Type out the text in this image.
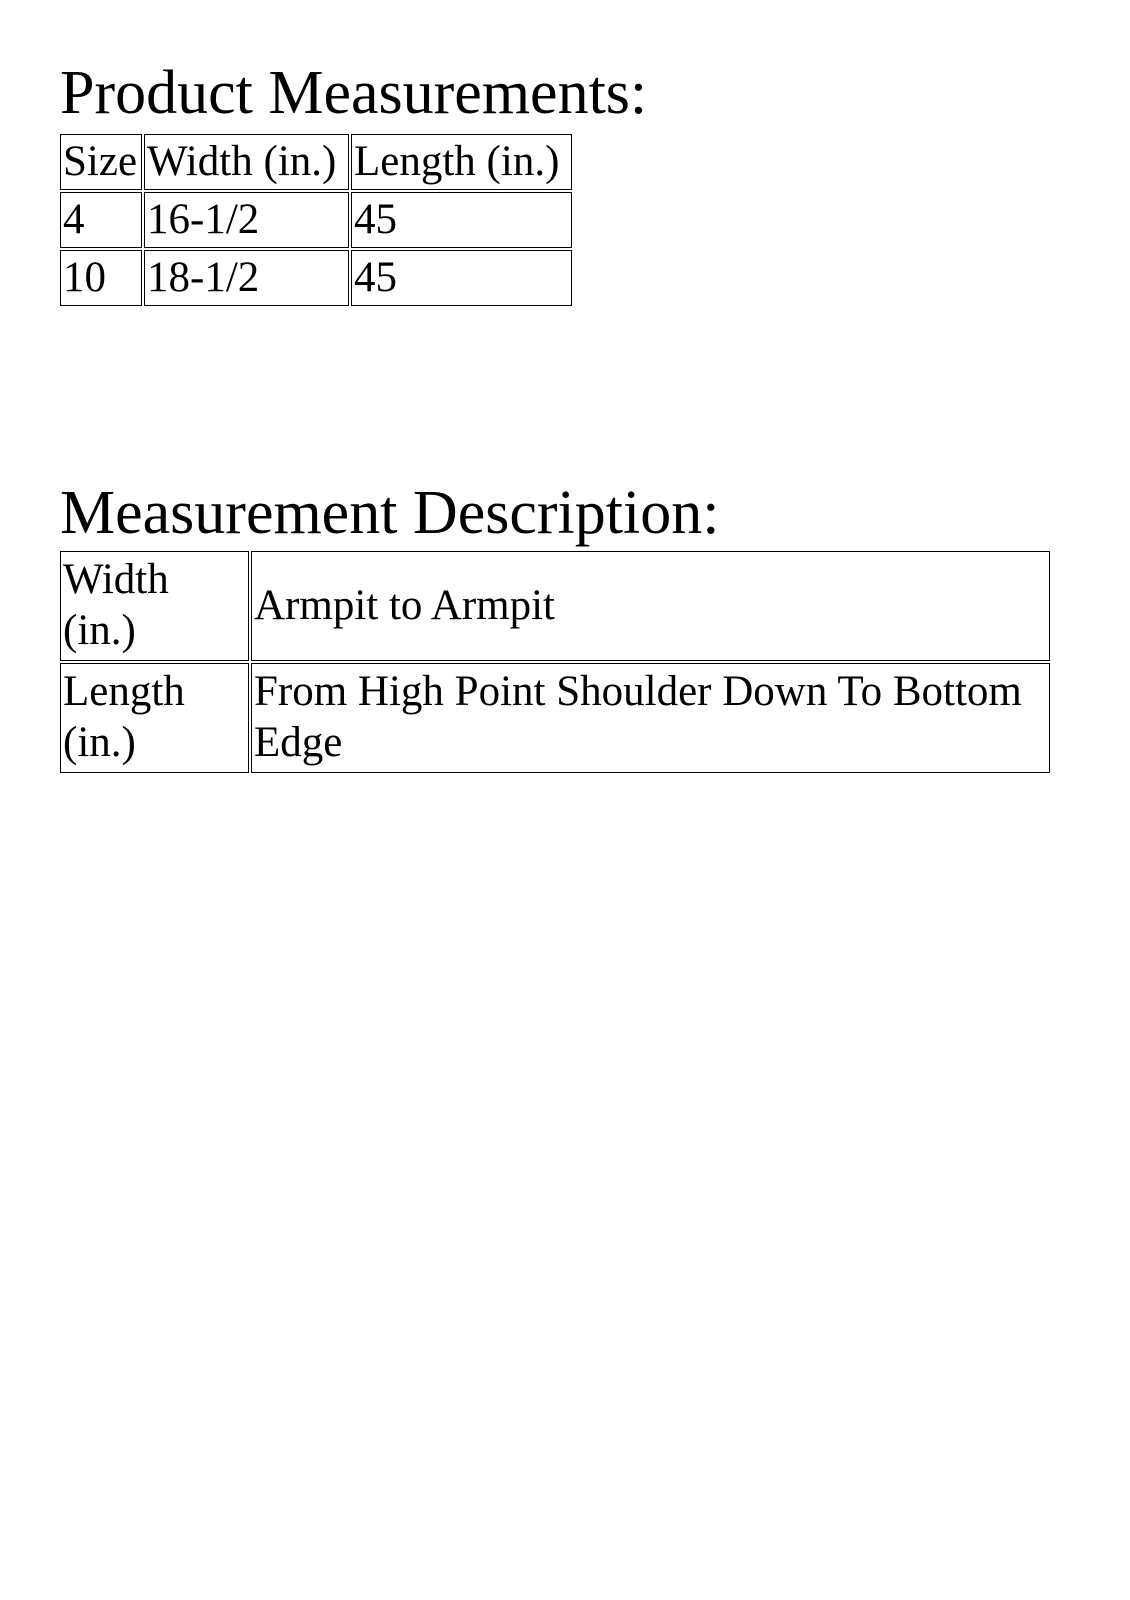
Product Measurements:
Size	Width (in.)	Length (in.)
4	16-1/2	45
10	18-1/2	45
Measurement Description:
Width (in.)	Armpit to Armpit
Length (in.)	From High Point Shoulder Down To Bottom Edge
